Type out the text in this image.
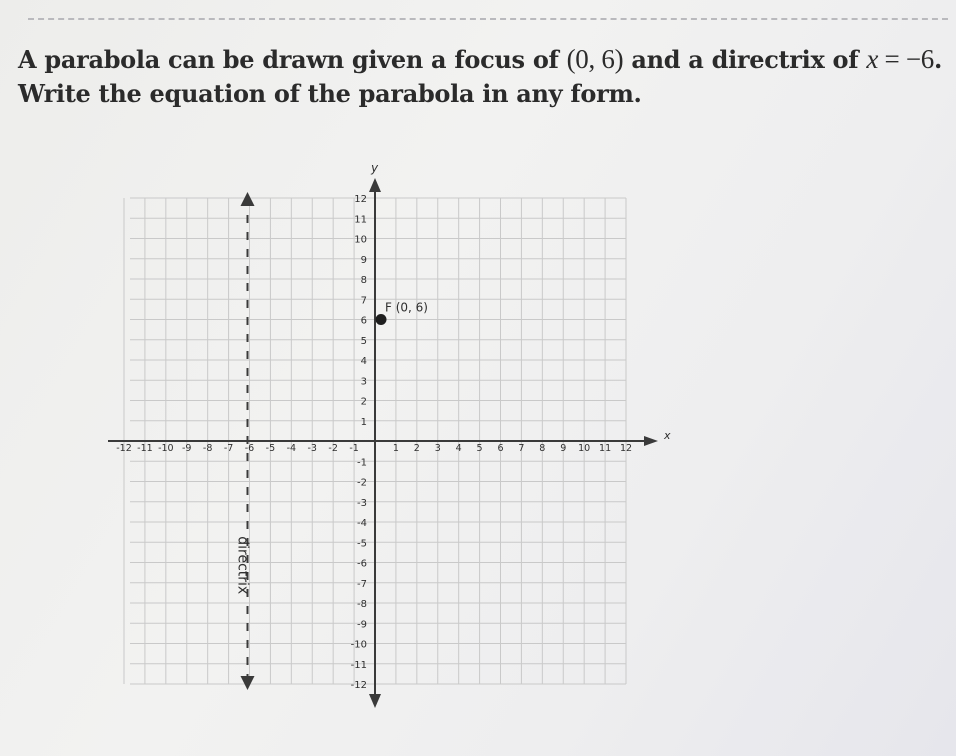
A parabola can be drawn given a focus of (0, 6) and a directrix of x = −6. Write the equation of the parabola in any form.

x
y
-12 -11 -10 -9 -8 -7 -6 -5 -4 -3 -2 -1	1 2 3 4 5 6 7 8 9 10 11 12
12
11
10
9
8
7
6
5
4
3
2
1
-1
-2
-3
-4
-5
-6
-7
-8
-9
-10
-11
-12
directrix
F (0, 6)
